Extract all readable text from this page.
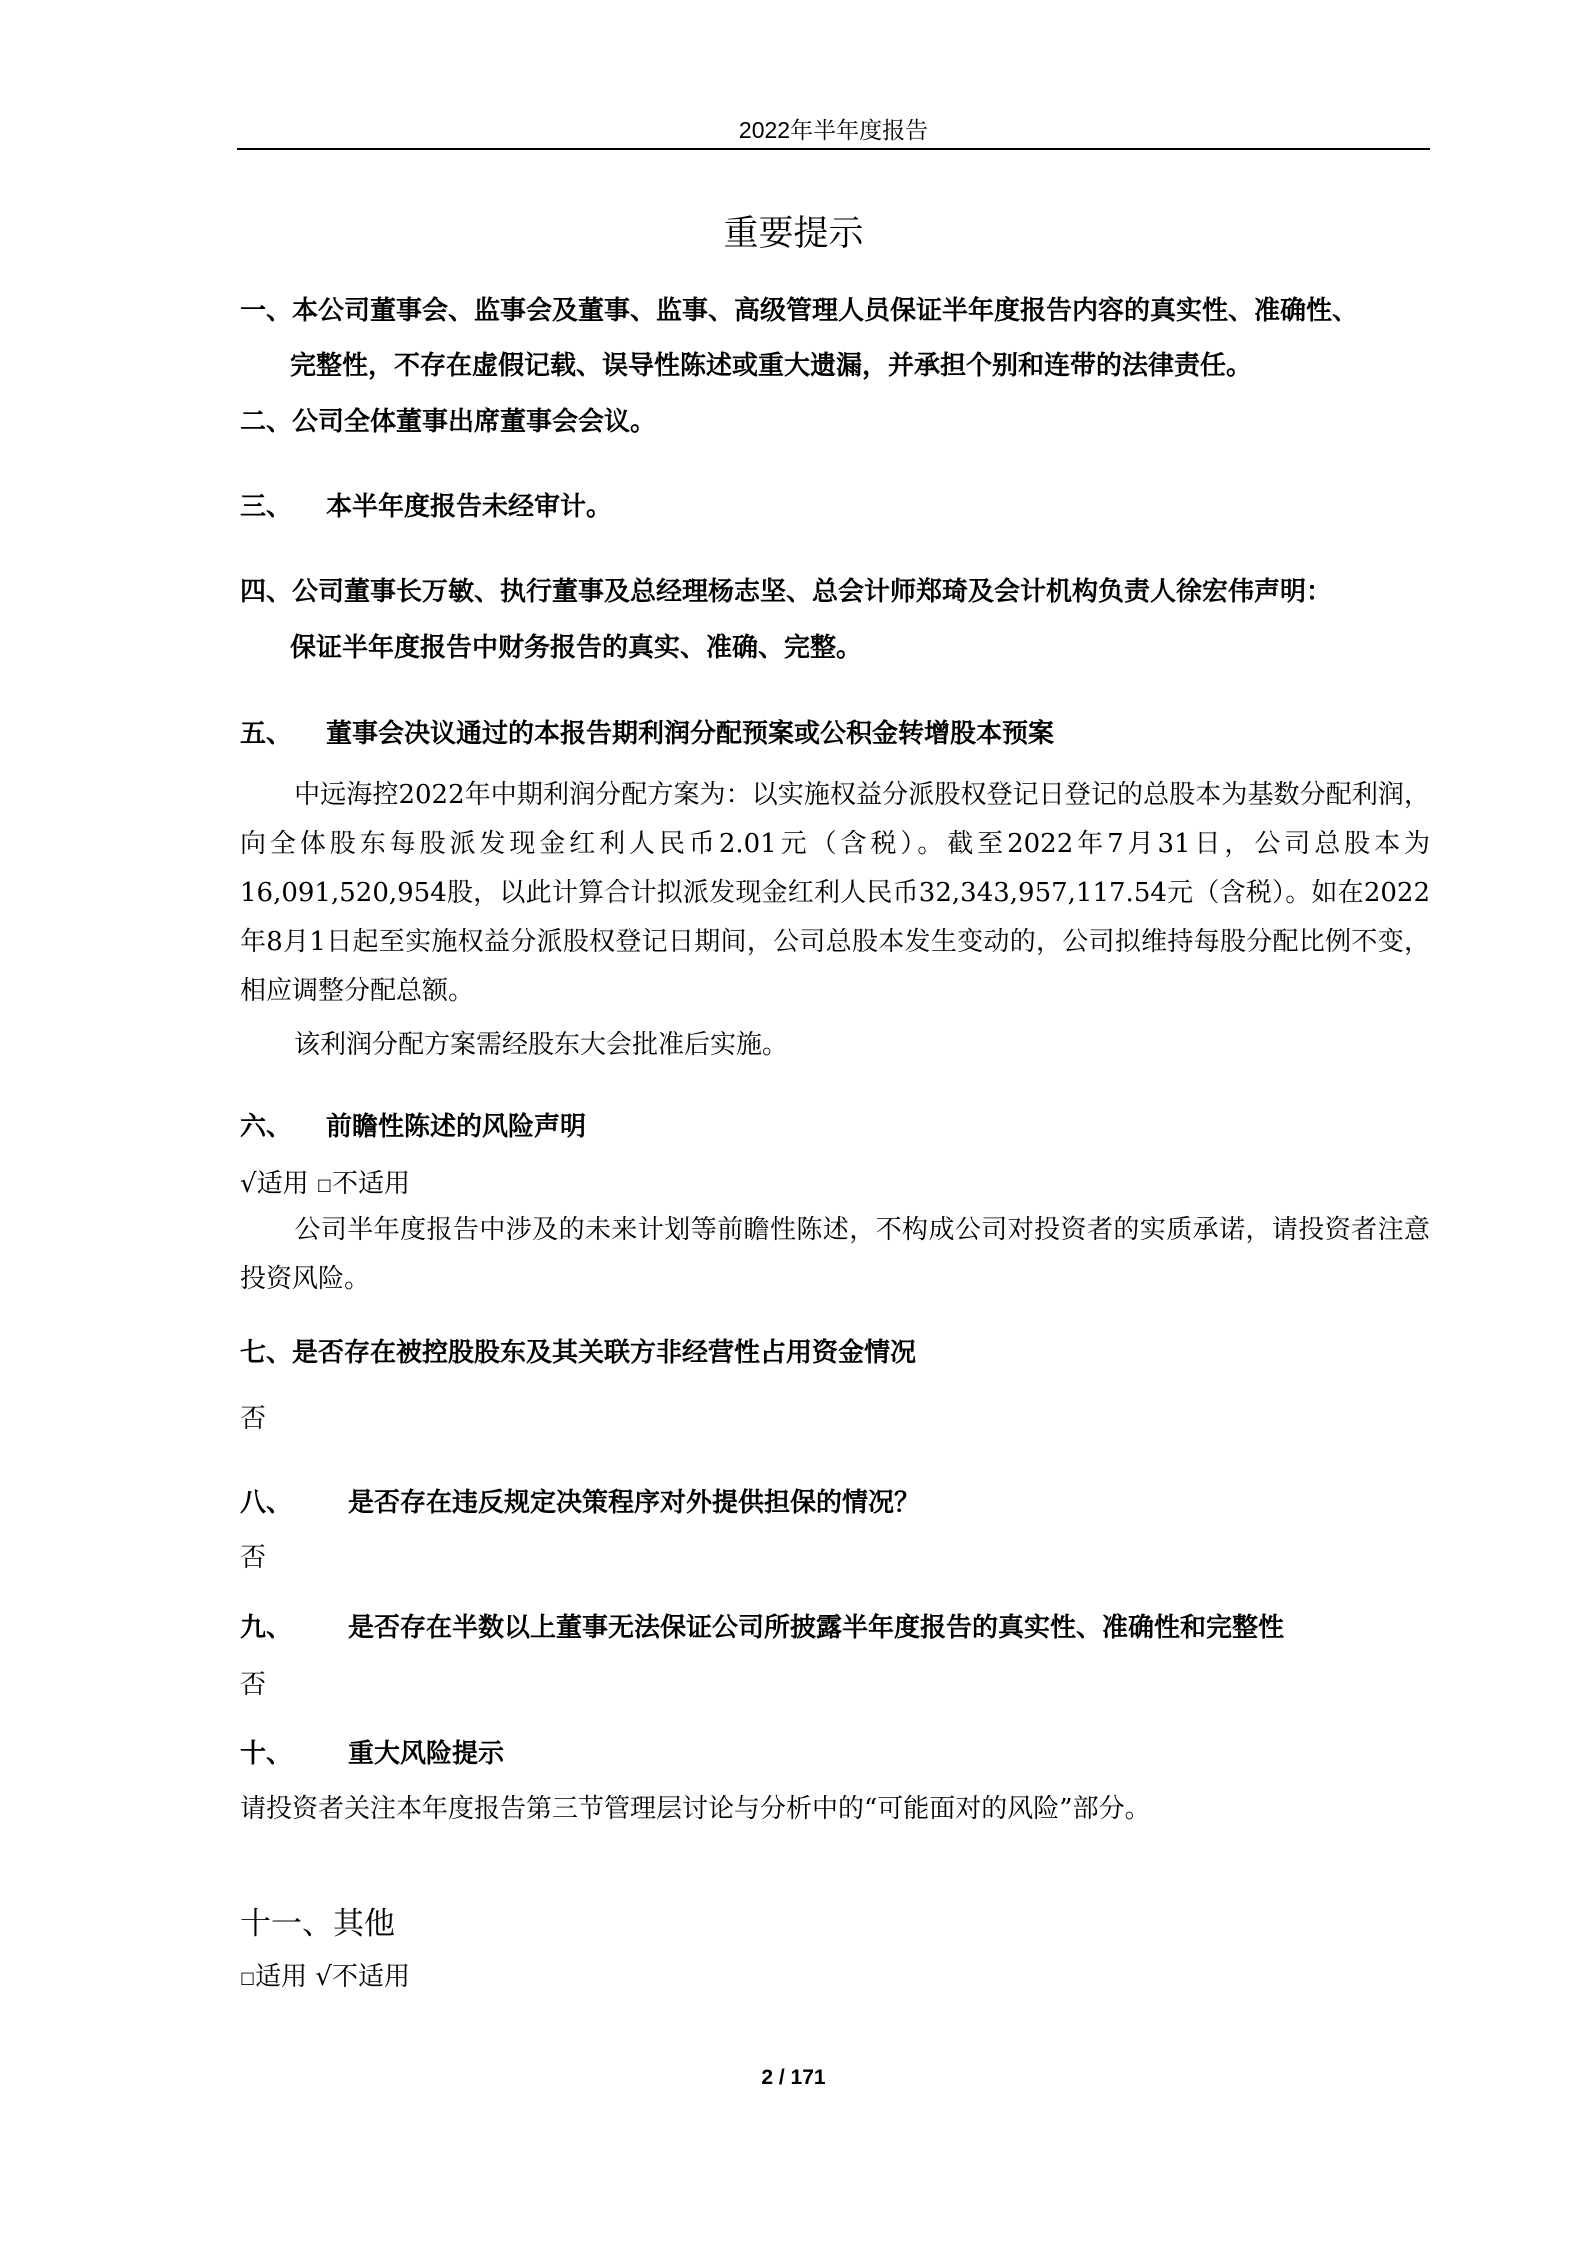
2022年半年度报告
重要提示
一、本公司董事会、监事会及董事、监事、高级管理人员保证半年度报告内容的真实性、准确性、
完整性，不存在虚假记载、误导性陈述或重大遗漏，并承担个别和连带的法律责任。
二、公司全体董事出席董事会会议。
三、 本半年度报告未经审计。
四、公司董事长万敏、执行董事及总经理杨志坚、总会计师郑琦及会计机构负责人徐宏伟声明：
保证半年度报告中财务报告的真实、准确、完整。
五、 董事会决议通过的本报告期利润分配预案或公积金转增股本预案
中远海控2022年中期利润分配方案为：以实施权益分派股权登记日登记的总股本为基数分配利润，向全体股东每股派发现金红利人民币2.01元（含税）。截至2022年7月31日，公司总股本为16,091,520,954股，以此计算合计拟派发现金红利人民币32,343,957,117.54元（含税）。如在2022年8月1日起至实施权益分派股权登记日期间，公司总股本发生变动的，公司拟维持每股分配比例不变，相应调整分配总额。
该利润分配方案需经股东大会批准后实施。
六、 前瞻性陈述的风险声明
√适用 □不适用
公司半年度报告中涉及的未来计划等前瞻性陈述，不构成公司对投资者的实质承诺，请投资者注意投资风险。
七、是否存在被控股股东及其关联方非经营性占用资金情况
否
八、 是否存在违反规定决策程序对外提供担保的情况？
否
九、 是否存在半数以上董事无法保证公司所披露半年度报告的真实性、准确性和完整性
否
十、 重大风险提示
请投资者关注本年度报告第三节管理层讨论与分析中的“可能面对的风险”部分。
十一、其他
□适用 √不适用
2 / 171
